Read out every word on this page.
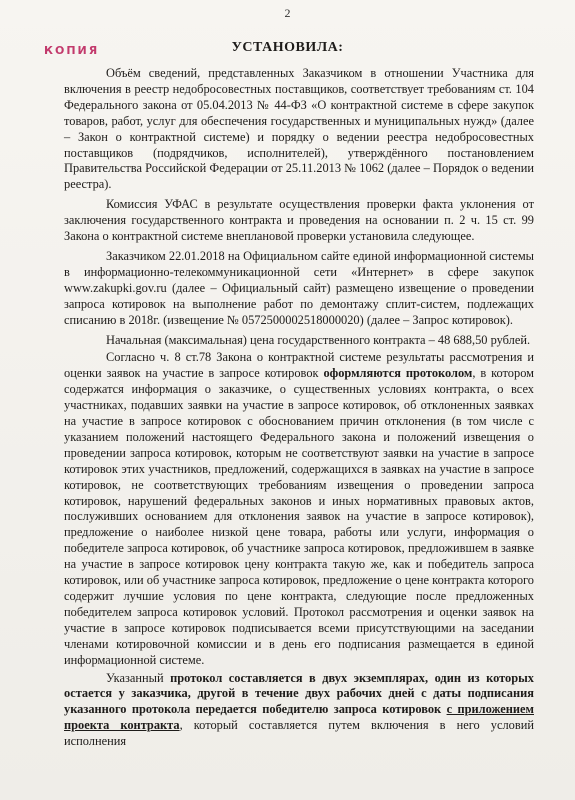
2
КОПИЯ	УСТАНОВИЛА:

Объём сведений, представленных Заказчиком в отношении Участника для включения в реестр недобросовестных поставщиков, соответствует требованиям ст. 104 Федерального закона от 05.04.2013 № 44-ФЗ «О контрактной системе в сфере закупок товаров, работ, услуг для обеспечения государственных и муниципальных нужд» (далее – Закон о контрактной системе) и порядку о ведении реестра недобросовестных поставщиков (подрядчиков, исполнителей), утверждённого постановлением Правительства Российской Федерации от 25.11.2013 № 1062 (далее – Порядок о ведении реестра).

Комиссия УФАС в результате осуществления проверки факта уклонения от заключения государственного контракта и проведения на основании п. 2 ч. 15 ст. 99 Закона о контрактной системе внеплановой проверки установила следующее.

Заказчиком 22.01.2018 на Официальном сайте единой информационной системы в информационно-телекоммуникационной сети «Интернет» в сфере закупок www.zakupki.gov.ru (далее – Официальный сайт) размещено извещение о проведении запроса котировок на выполнение работ по демонтажу сплит-систем, подлежащих списанию в 2018г. (извещение № 0572500002518000020) (далее – Запрос котировок).

Начальная (максимальная) цена государственного контракта – 48 688,50 рублей.

Согласно ч. 8 ст.78 Закона о контрактной системе результаты рассмотрения и оценки заявок на участие в запросе котировок оформляются протоколом, в котором содержатся информация о заказчике, о существенных условиях контракта, о всех участниках, подавших заявки на участие в запросе котировок, об отклоненных заявках на участие в запросе котировок с обоснованием причин отклонения (в том числе с указанием положений настоящего Федерального закона и положений извещения о проведении запроса котировок, которым не соответствуют заявки на участие в запросе котировок этих участников, предложений, содержащихся в заявках на участие в запросе котировок, не соответствующих требованиям извещения о проведении запроса котировок, нарушений федеральных законов и иных нормативных правовых актов, послуживших основанием для отклонения заявок на участие в запросе котировок), предложение о наиболее низкой цене товара, работы или услуги, информация о победителе запроса котировок, об участнике запроса котировок, предложившем в заявке на участие в запросе котировок цену контракта такую же, как и победитель запроса котировок, или об участнике запроса котировок, предложение о цене контракта которого содержит лучшие условия по цене контракта, следующие после предложенных победителем запроса котировок условий. Протокол рассмотрения и оценки заявок на участие в запросе котировок подписывается всеми присутствующими на заседании членами котировочной комиссии и в день его подписания размещается в единой информационной системе.

Указанный протокол составляется в двух экземплярах, один из которых остается у заказчика, другой в течение двух рабочих дней с даты подписания указанного протокола передается победителю запроса котировок с приложением проекта контракта, который составляется путем включения в него условий исполнения
